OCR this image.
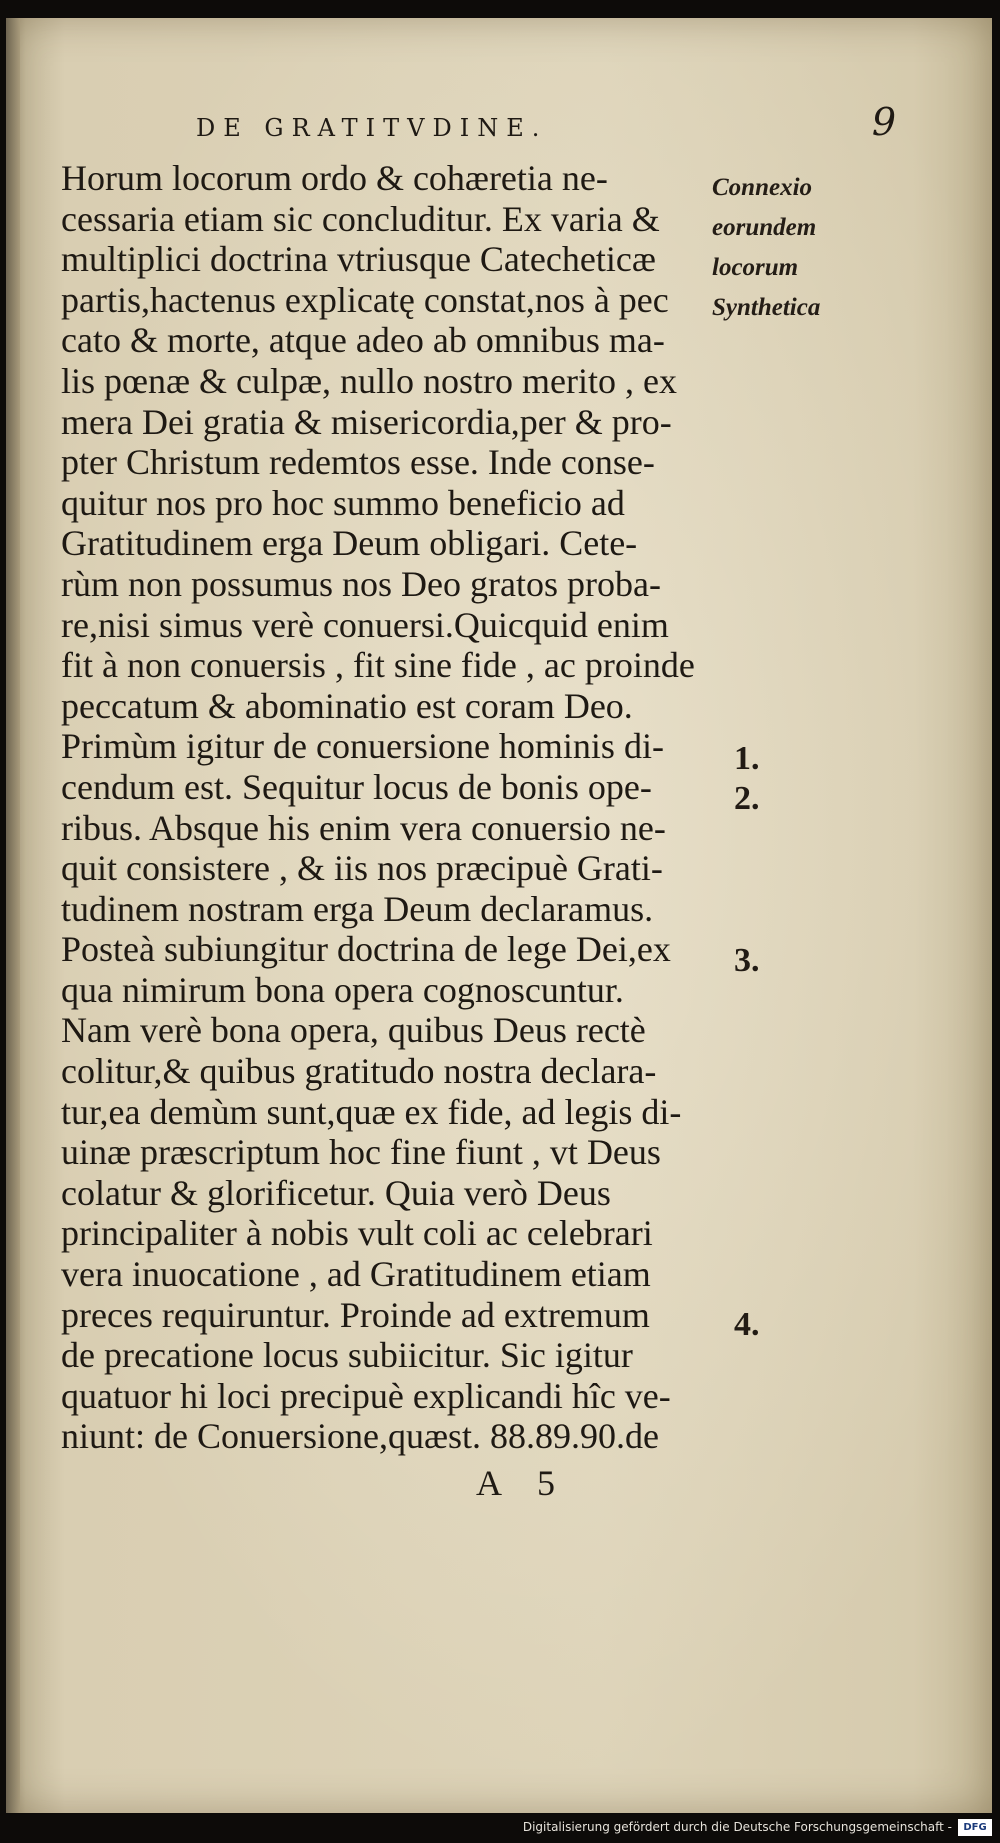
DE GRATITVDINE.	9
Horum locorum ordo & cohæretia ne-
cessaria etiam sic concluditur. Ex varia &
multiplici doctrina vtriusque Catecheticæ
partis,hactenus explicatę constat,nos à pec
cato & morte, atque adeo ab omnibus ma-
lis pœnæ & culpæ, nullo nostro merito , ex
mera Dei gratia & misericordia,per & pro-
pter Christum redemtos esse. Inde conse-
quitur nos pro hoc summo beneficio ad
Gratitudinem erga Deum obligari. Cete-
rùm non possumus nos Deo gratos proba-
re,nisi simus verè conuersi.Quicquid enim
fit à non conuersis , fit sine fide , ac proinde
peccatum & abominatio est coram Deo.
Primùm igitur de conuersione hominis di-
cendum est. Sequitur locus de bonis ope-
ribus. Absque his enim vera conuersio ne-
quit consistere , & iis nos præcipuè Grati-
tudinem nostram erga Deum declaramus.
Posteà subiungitur doctrina de lege Dei,ex
qua nimirum bona opera cognoscuntur.
Nam verè bona opera, quibus Deus rectè
colitur,& quibus gratitudo nostra declara-
tur,ea demùm sunt,quæ ex fide, ad legis di-
uinæ præscriptum hoc fine fiunt , vt Deus
colatur & glorificetur. Quia verò Deus
principaliter à nobis vult coli ac celebrari
vera inuocatione , ad Gratitudinem etiam
preces requiruntur. Proinde ad extremum
de precatione locus subiicitur. Sic igitur
quatuor hi loci precipuè explicandi hîc ve-
niunt: de Conuersione,quæst. 88.89.90.de
Connexio
eorundem
locorum
Synthetica
1.
2.
3.
4.
A 5
Digitalisierung gefördert durch die Deutsche Forschungsgemeinschaft -	DFG
